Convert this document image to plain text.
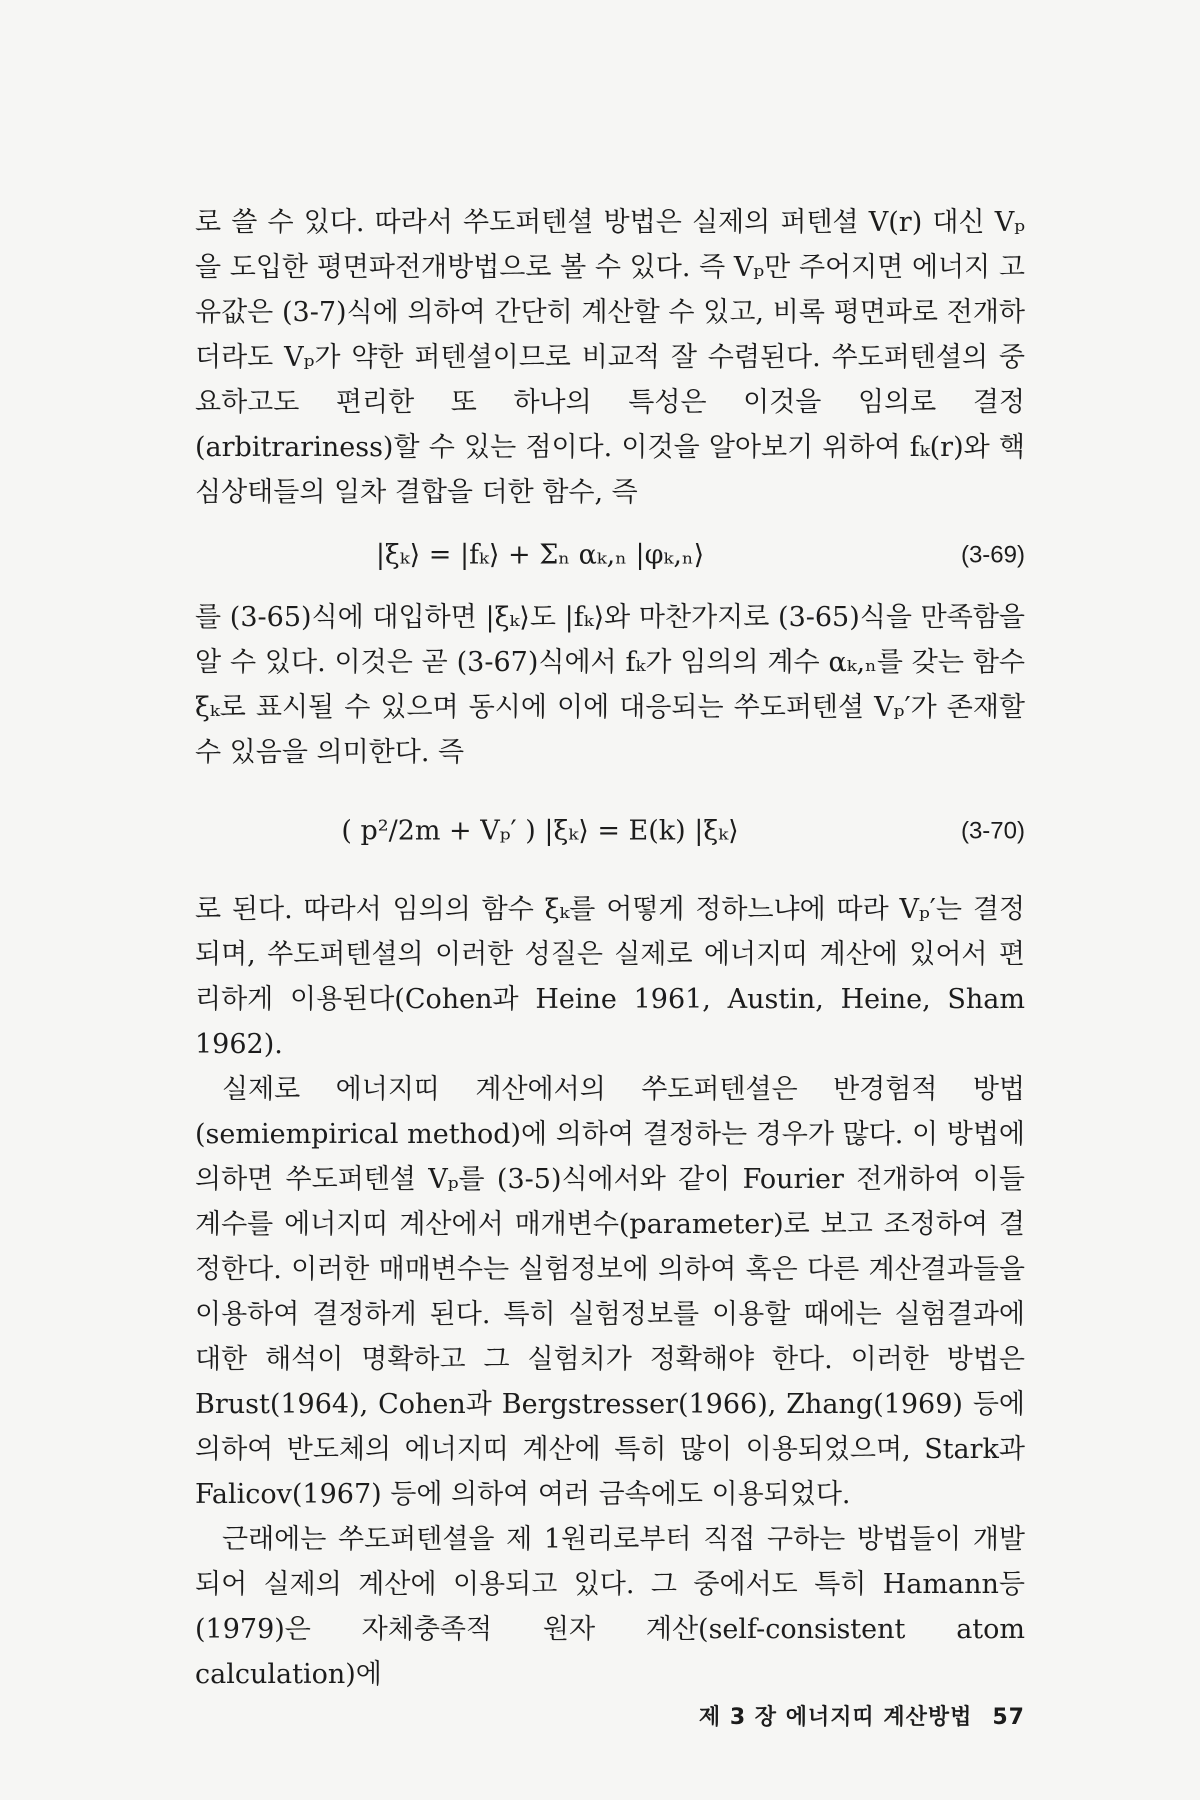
로 쓸 수 있다. 따라서 쑤도퍼텐셜 방법은 실제의 퍼텐셜 V(r) 대신 Vₚ을 도입한 평면파전개방법으로 볼 수 있다. 즉 Vₚ만 주어지면 에너지 고유값은 (3-7)식에 의하여 간단히 계산할 수 있고, 비록 평면파로 전개하더라도 Vₚ가 약한 퍼텐셜이므로 비교적 잘 수렴된다. 쑤도퍼텐셜의 중요하고도 편리한 또 하나의 특성은 이것을 임의로 결정(arbitrariness)할 수 있는 점이다. 이것을 알아보기 위하여 fₖ(r)와 핵심상태들의 일차 결합을 더한 함수, 즉

|ξₖ⟩ = |fₖ⟩ + Σₙ αₖ,ₙ |φₖ,ₙ⟩	(3-69)

를 (3-65)식에 대입하면 |ξₖ⟩도 |fₖ⟩와 마찬가지로 (3-65)식을 만족함을 알 수 있다. 이것은 곧 (3-67)식에서 fₖ가 임의의 계수 αₖ,ₙ를 갖는 함수 ξₖ로 표시될 수 있으며 동시에 이에 대응되는 쑤도퍼텐셜 Vₚ′가 존재할 수 있음을 의미한다. 즉

( p²/2m + Vₚ′ ) |ξₖ⟩ = E(k) |ξₖ⟩	(3-70)

로 된다. 따라서 임의의 함수 ξₖ를 어떻게 정하느냐에 따라 Vₚ′는 결정되며, 쑤도퍼텐셜의 이러한 성질은 실제로 에너지띠 계산에 있어서 편리하게 이용된다(Cohen과 Heine 1961, Austin, Heine, Sham 1962).

실제로 에너지띠 계산에서의 쑤도퍼텐셜은 반경험적 방법(semiempirical method)에 의하여 결정하는 경우가 많다. 이 방법에 의하면 쑤도퍼텐셜 Vₚ를 (3-5)식에서와 같이 Fourier 전개하여 이들 계수를 에너지띠 계산에서 매개변수(parameter)로 보고 조정하여 결정한다. 이러한 매매변수는 실험정보에 의하여 혹은 다른 계산결과들을 이용하여 결정하게 된다. 특히 실험정보를 이용할 때에는 실험결과에 대한 해석이 명확하고 그 실험치가 정확해야 한다. 이러한 방법은 Brust(1964), Cohen과 Bergstresser(1966), Zhang(1969) 등에 의하여 반도체의 에너지띠 계산에 특히 많이 이용되었으며, Stark과 Falicov(1967) 등에 의하여 여러 금속에도 이용되었다.

근래에는 쑤도퍼텐셜을 제 1원리로부터 직접 구하는 방법들이 개발되어 실제의 계산에 이용되고 있다. 그 중에서도 특히 Hamann등(1979)은 자체충족적 원자 계산(self-consistent atom calculation)에

제 3 장 에너지띠 계산방법 57
